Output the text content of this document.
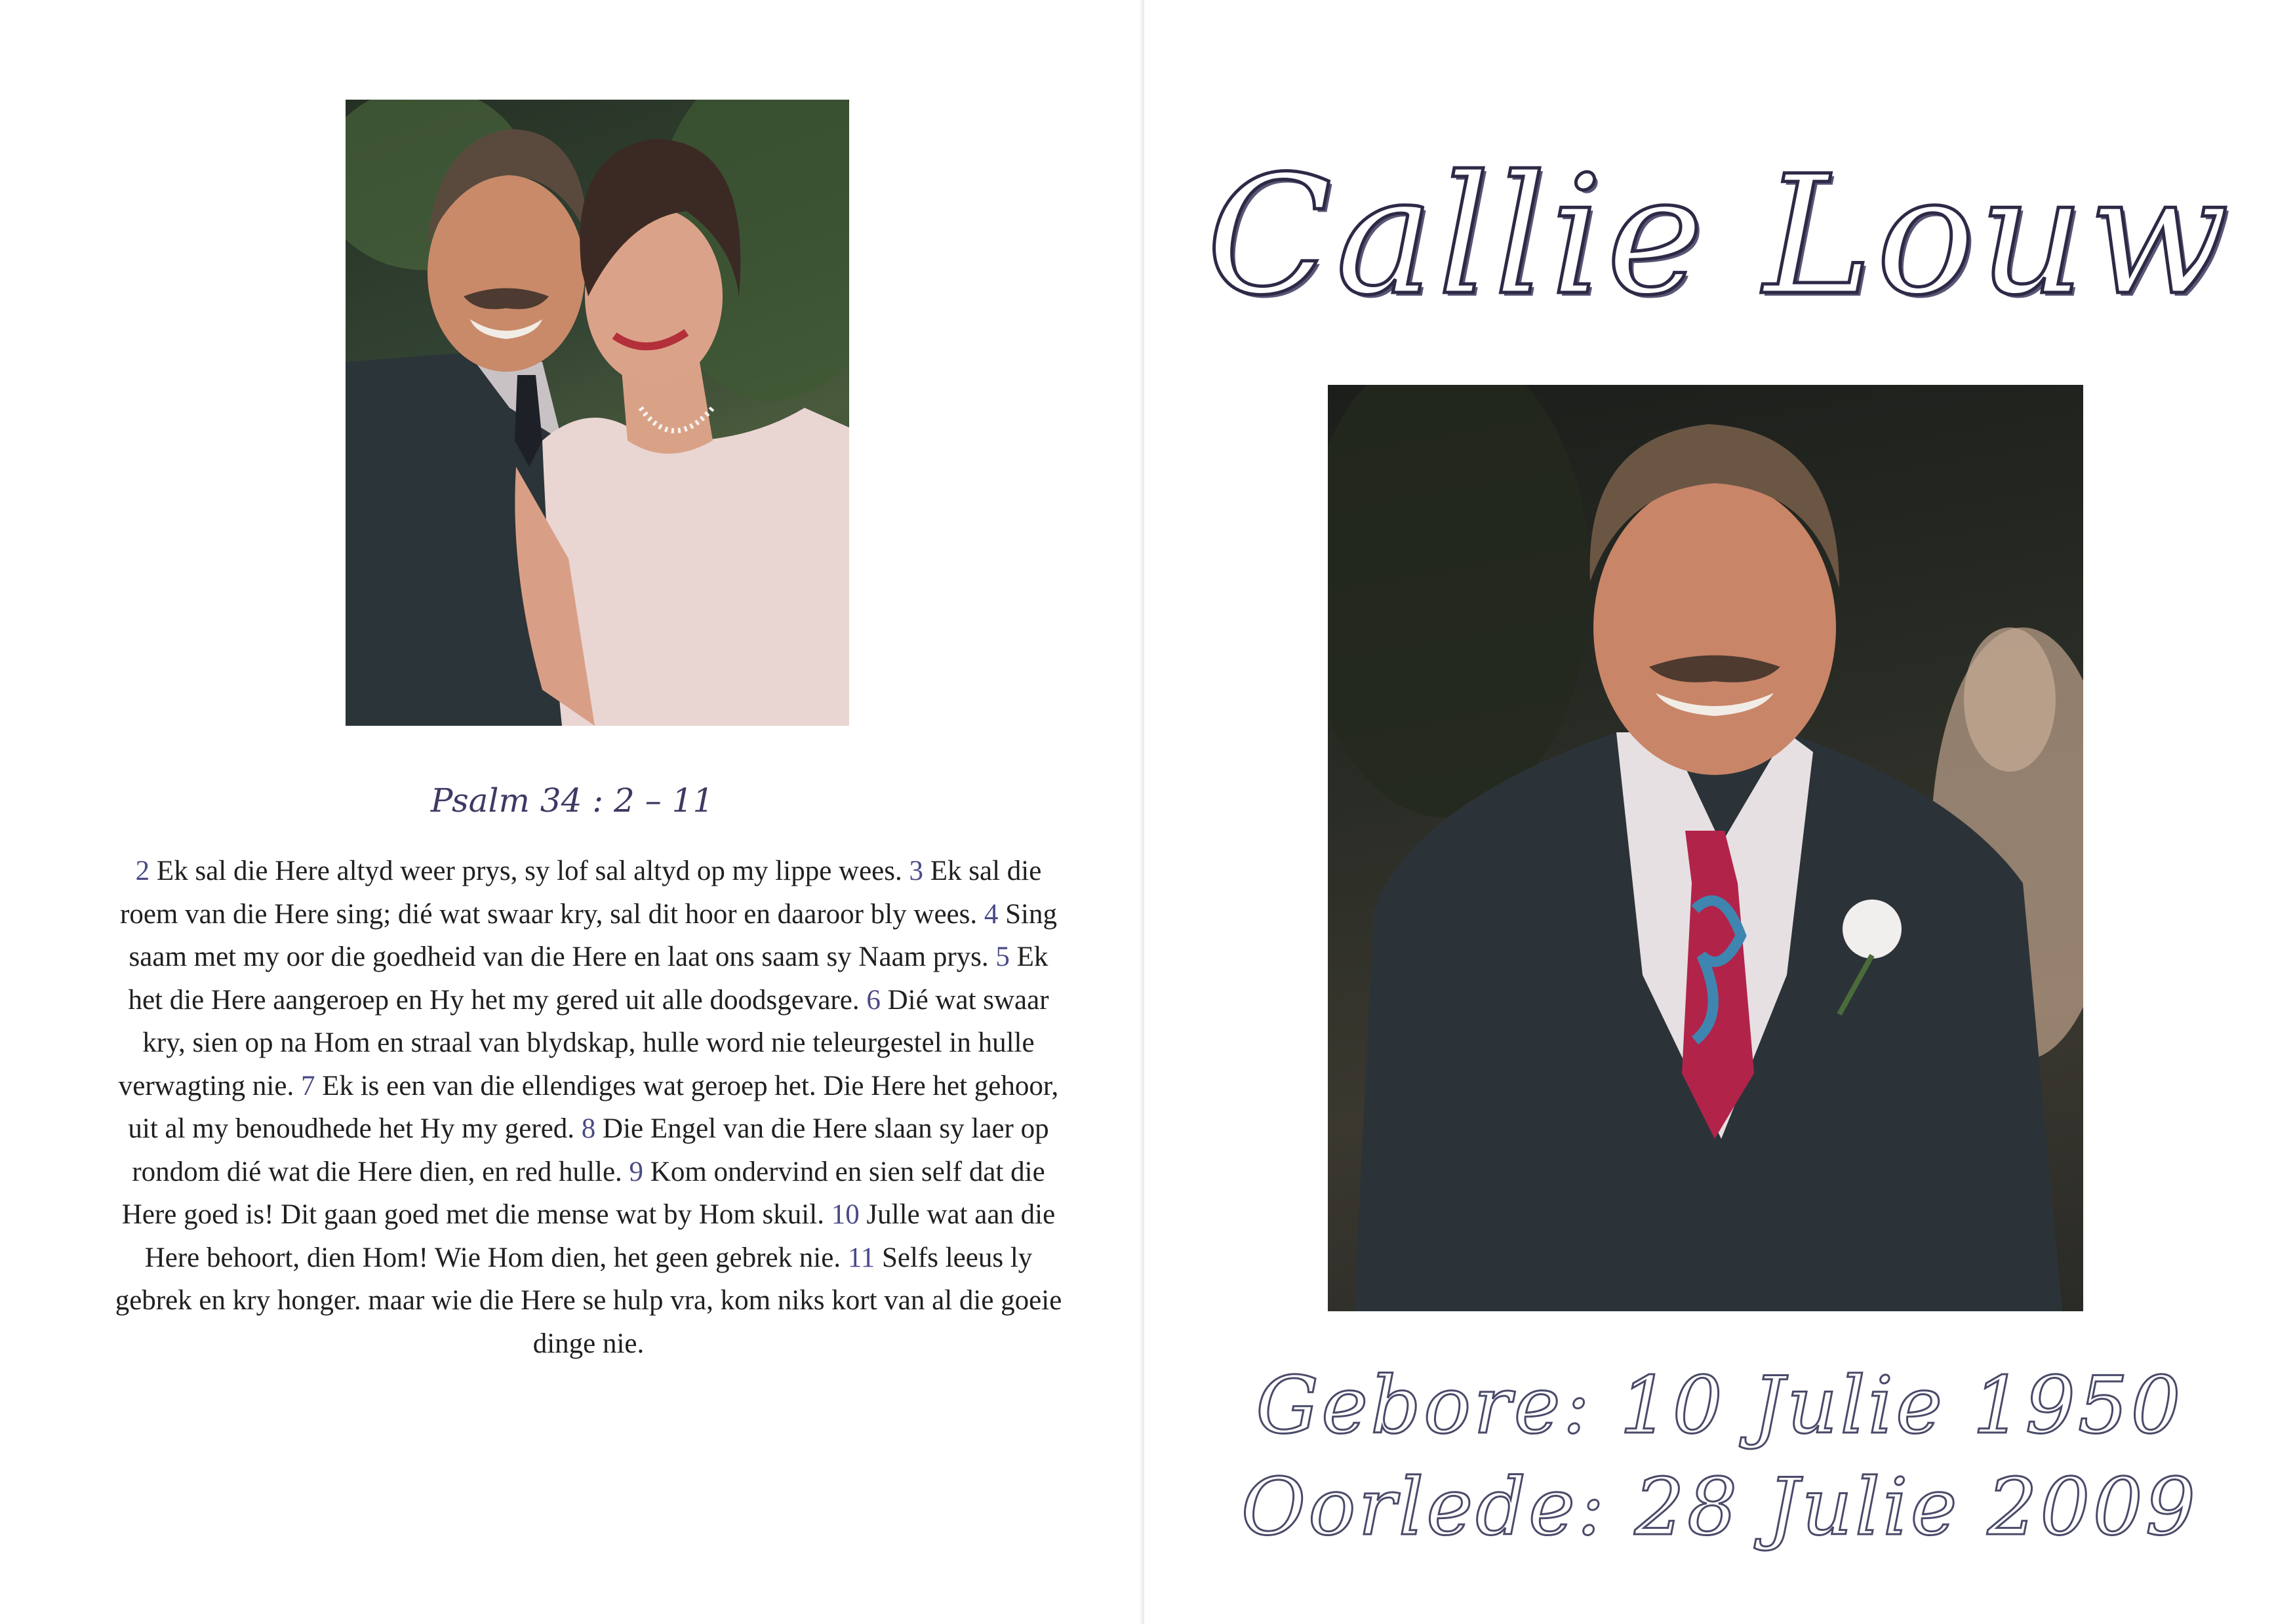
Psalm 34 : 2 – 11
2 Ek sal die Here altyd weer prys, sy lof sal altyd op my lippe wees. 3 Ek sal die roem van die Here sing; dié wat swaar kry, sal dit hoor en daaroor bly wees. 4 Sing saam met my oor die goedheid van die Here en laat ons saam sy Naam prys. 5 Ek het die Here aangeroep en Hy het my gered uit alle doodsgevare. 6 Dié wat swaar kry, sien op na Hom en straal van blydskap, hulle word nie teleurgestel in hulle verwagting nie. 7 Ek is een van die ellendiges wat geroep het. Die Here het gehoor, uit al my benoudhede het Hy my gered. 8 Die Engel van die Here slaan sy laer op rondom dié wat die Here dien, en red hulle. 9 Kom ondervind en sien self dat die Here goed is! Dit gaan goed met die mense wat by Hom skuil. 10 Julle wat aan die Here behoort, dien Hom! Wie Hom dien, het geen gebrek nie. 11 Selfs leeus ly gebrek en kry honger. maar wie die Here se hulp vra, kom niks kort van al die goeie dinge nie.
Callie Louw
Gebore: 10 Julie 1950
Oorlede: 28 Julie 2009
